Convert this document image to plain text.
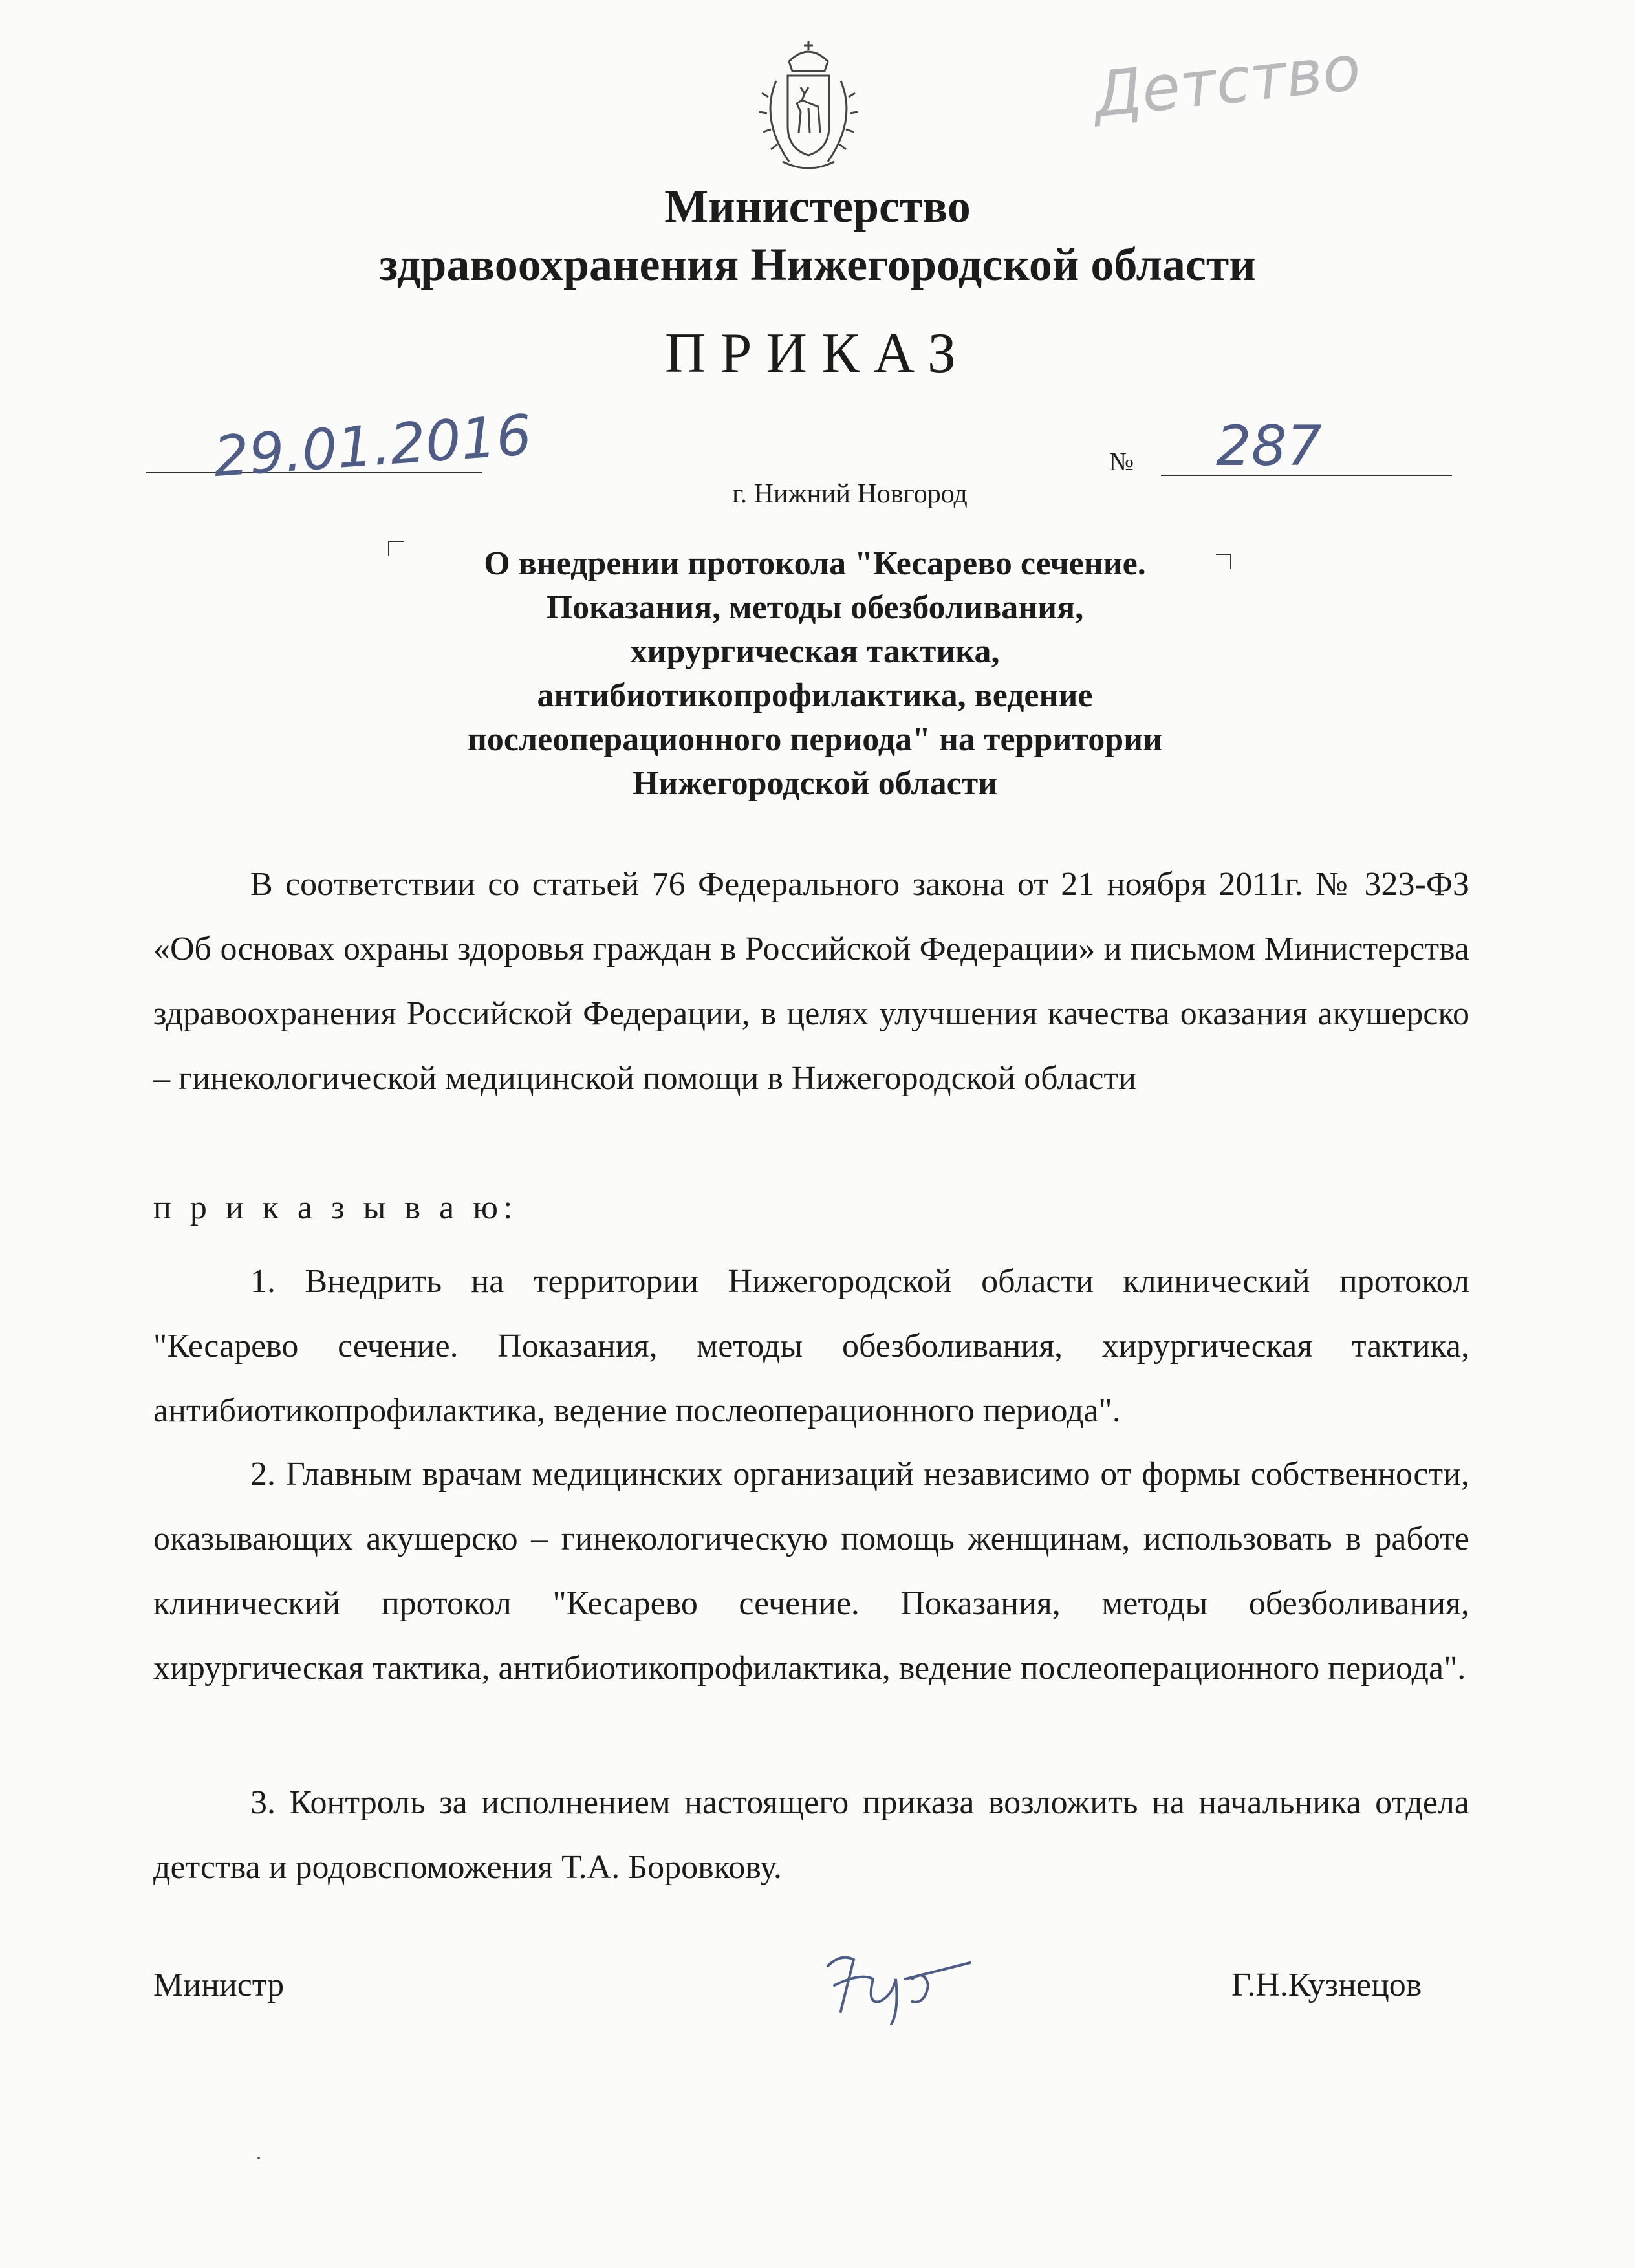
Детство
Министерство
здравоохранения Нижегородской области
ПРИКАЗ
29.01.2016	№ 287
г. Нижний Новгород
О внедрении протокола "Кесарево сечение.
Показания, методы обезболивания,
хирургическая тактика,
антибиотикопрофилактика, ведение
послеоперационного периода" на территории
Нижегородской области

В соответствии со статьей 76 Федерального закона от 21 ноября 2011г. № 323-ФЗ «Об основах охраны здоровья граждан в Российской Федерации» и письмом Министерства здравоохранения Российской Федерации, в целях улучшения качества оказания акушерско – гинекологической медицинской помощи в Нижегородской области

п р и к а з ы в а ю:

1. Внедрить на территории Нижегородской области клинический протокол "Кесарево сечение. Показания, методы обезболивания, хирургическая тактика, антибиотикопрофилактика, ведение послеоперационного периода".

2. Главным врачам медицинских организаций независимо от формы собственности, оказывающих акушерско – гинекологическую помощь женщинам, использовать в работе клинический протокол "Кесарево сечение. Показания, методы обезболивания, хирургическая тактика, антибиотикопрофилактика, ведение послеоперационного периода".

3. Контроль за исполнением настоящего приказа возложить на начальника отдела детства и родовспоможения Т.А. Боровкову.

Министр	Г.Н.Кузнецов
